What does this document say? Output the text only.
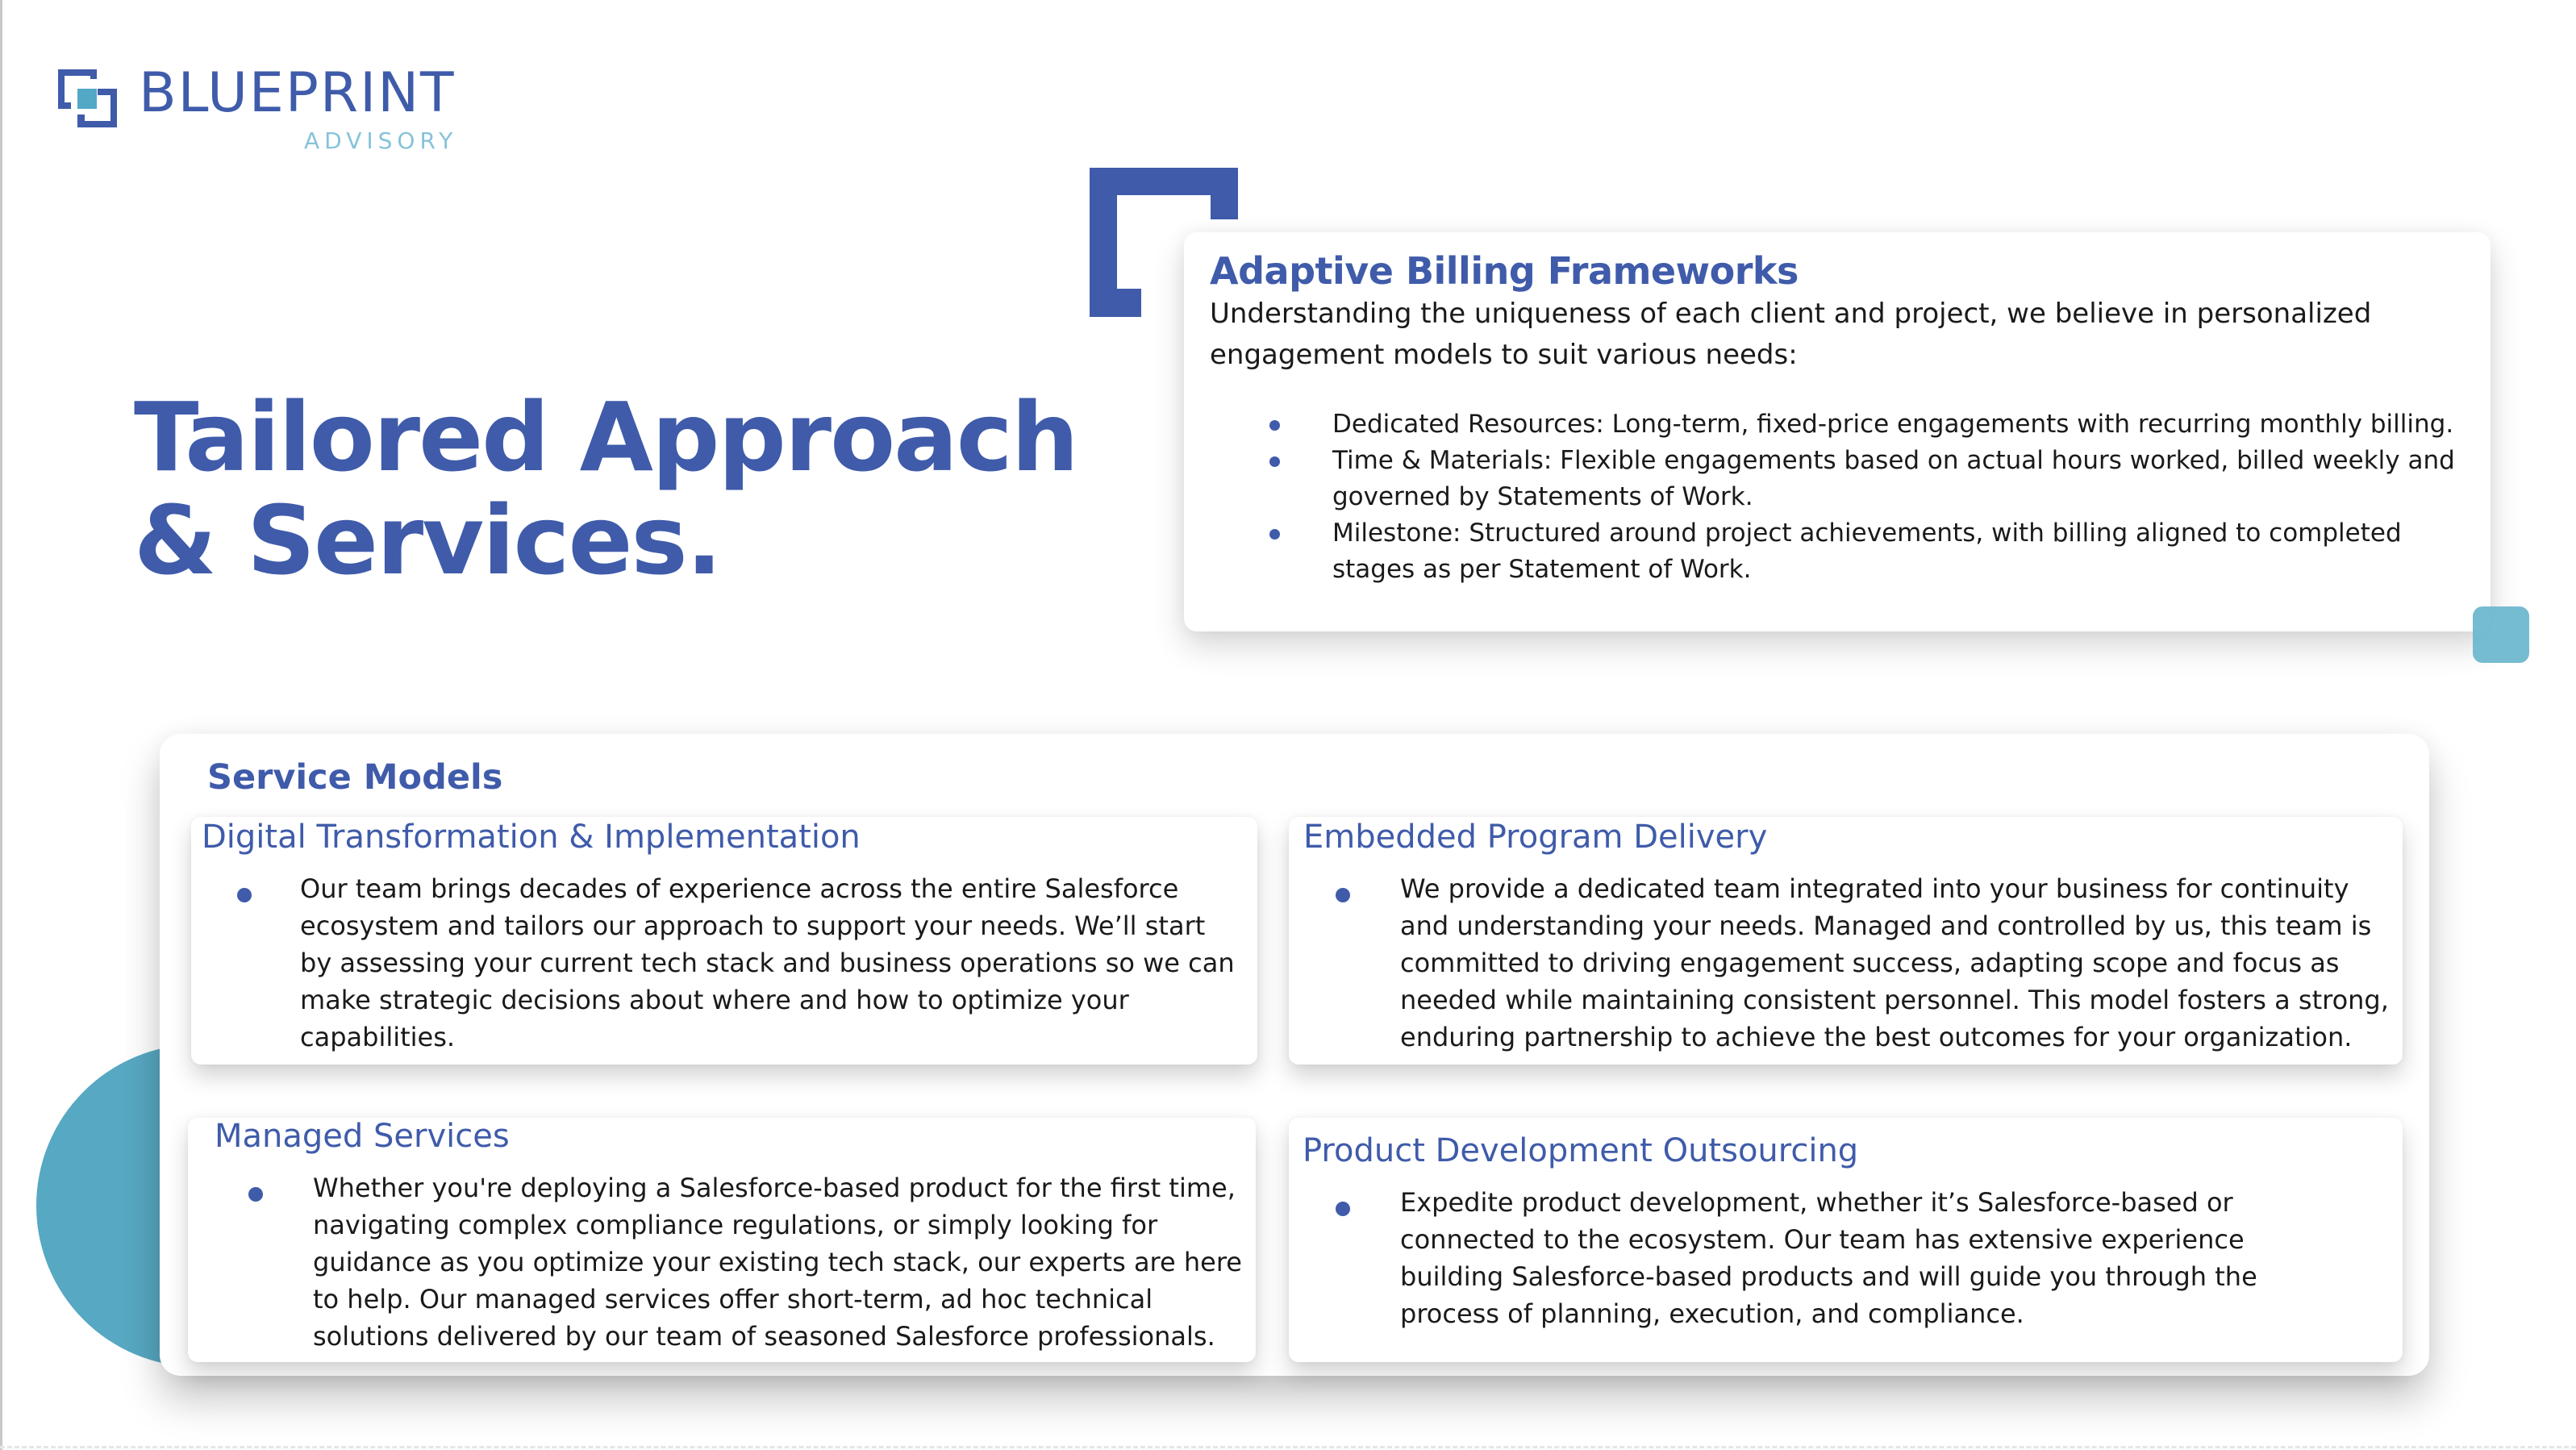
BLUEPRINT
ADVISORY
Tailored Approach
& Services.
Adaptive Billing Frameworks
Understanding the uniqueness of each client and project, we believe in personalized engagement models to suit various needs:
Dedicated Resources: Long-term, fixed-price engagements with recurring monthly billing.
Time & Materials: Flexible engagements based on actual hours worked, billed weekly and governed by Statements of Work.
Milestone: Structured around project achievements, with billing aligned to completed stages as per Statement of Work.
Service Models
Digital Transformation & Implementation
Our team brings decades of experience across the entire Salesforce ecosystem and tailors our approach to support your needs. We’ll start by assessing your current tech stack and business operations so we can make strategic decisions about where and how to optimize your capabilities.
Embedded Program Delivery
We provide a dedicated team integrated into your business for continuity and understanding your needs. Managed and controlled by us, this team is committed to driving engagement success, adapting scope and focus as needed while maintaining consistent personnel. This model fosters a strong, enduring partnership to achieve the best outcomes for your organization.
Managed Services
Whether you're deploying a Salesforce-based product for the first time, navigating complex compliance regulations, or simply looking for guidance as you optimize your existing tech stack, our experts are here to help. Our managed services offer short-term, ad hoc technical solutions delivered by our team of seasoned Salesforce professionals.
Product Development Outsourcing
Expedite product development, whether it’s Salesforce-based or connected to the ecosystem. Our team has extensive experience building Salesforce-based products and will guide you through the process of planning, execution, and compliance.
